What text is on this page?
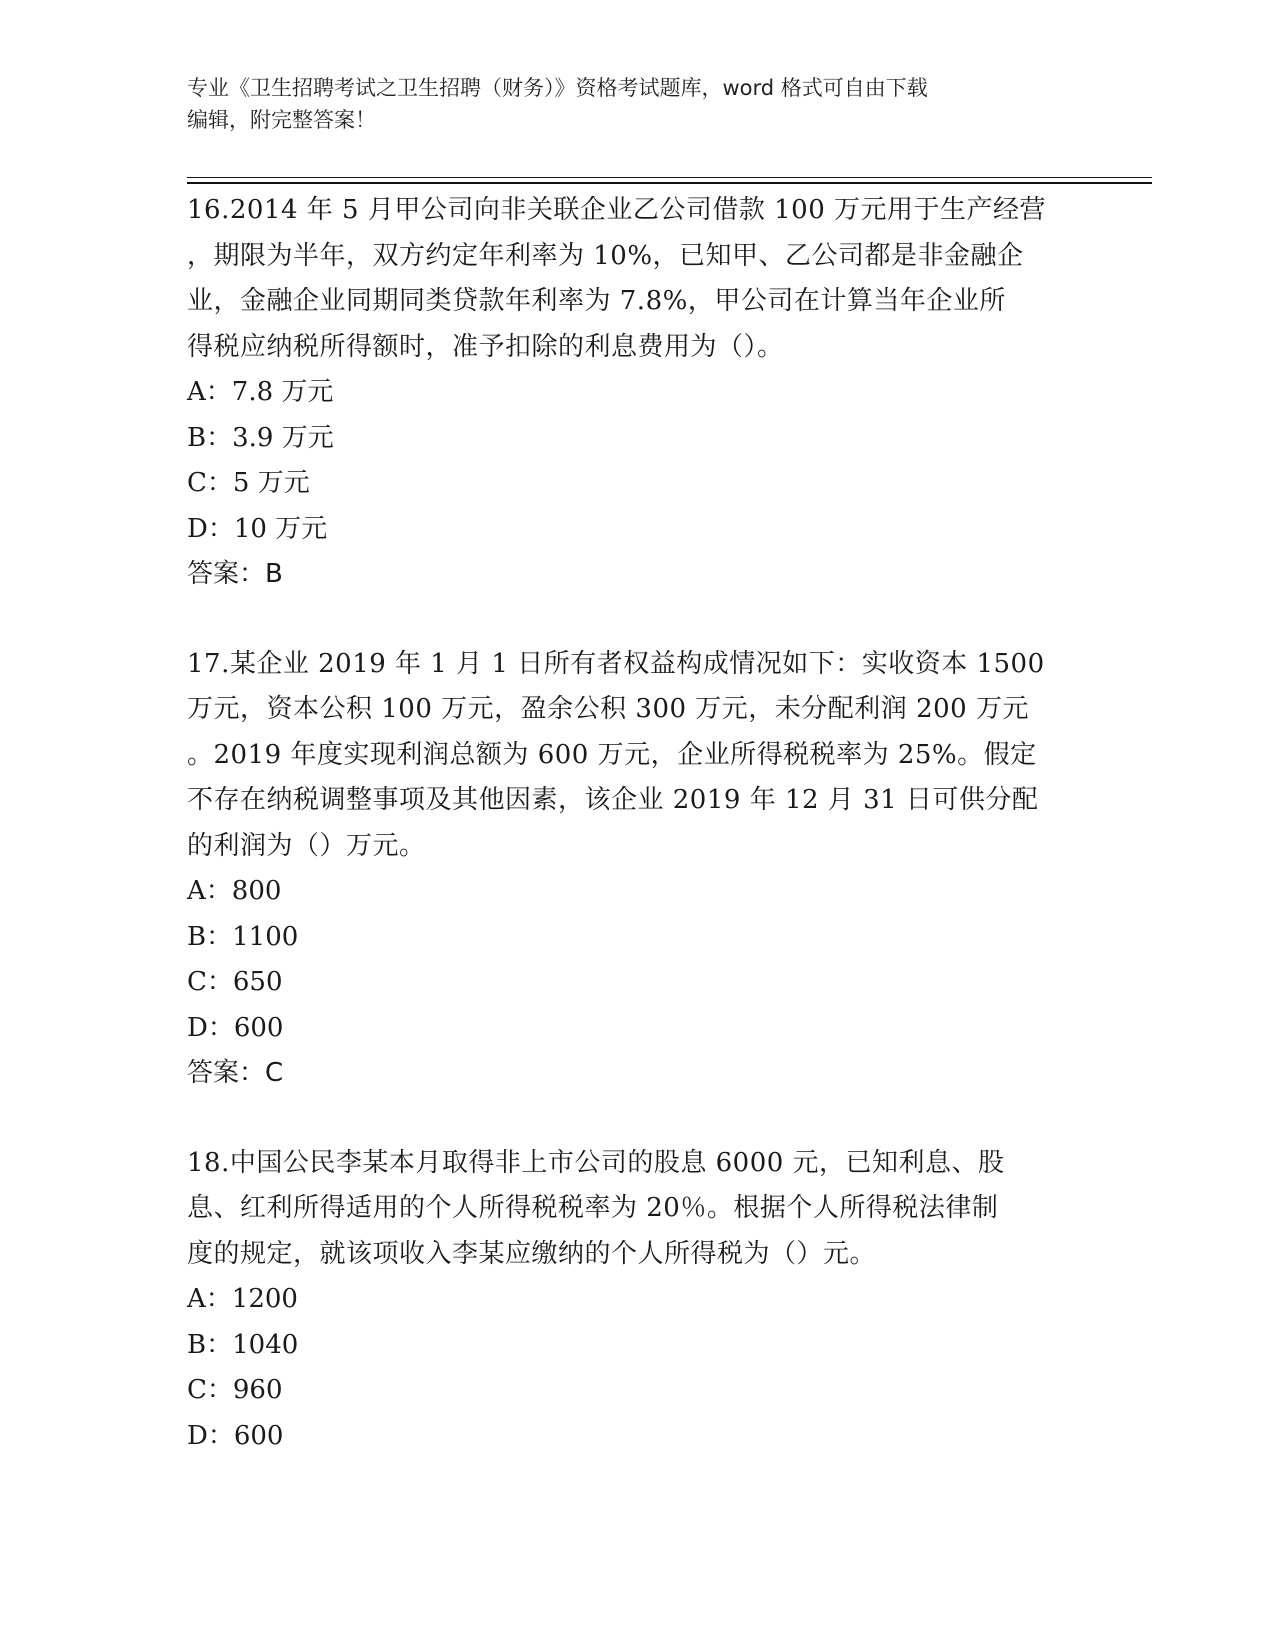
专业《卫生招聘考试之卫生招聘（财务）》资格考试题库，word 格式可自由下载
编辑，附完整答案！

16.2014 年 5 月甲公司向非关联企业乙公司借款 100 万元用于生产经营

，期限为半年，双方约定年利率为 10%，已知甲、乙公司都是非金融企

业，金融企业同期同类贷款年利率为 7.8%，甲公司在计算当年企业所

得税应纳税所得额时，准予扣除的利息费用为（）。

A：7.8 万元

B：3.9 万元

C：5 万元

D：10 万元

答案：B

17.某企业 2019 年 1 月 1 日所有者权益构成情况如下：实收资本 1500

万元，资本公积 100 万元，盈余公积 300 万元，未分配利润 200 万元

。2019 年度实现利润总额为 600 万元，企业所得税税率为 25%。假定

不存在纳税调整事项及其他因素，该企业 2019 年 12 月 31 日可供分配

的利润为（）万元。

A：800

B：1100

C：650

D：600

答案：C

18.中国公民李某本月取得非上市公司的股息 6000 元，已知利息、股

息、红利所得适用的个人所得税税率为 20％。根据个人所得税法律制

度的规定，就该项收入李某应缴纳的个人所得税为（）元。

A：1200

B：1040

C：960

D：600
